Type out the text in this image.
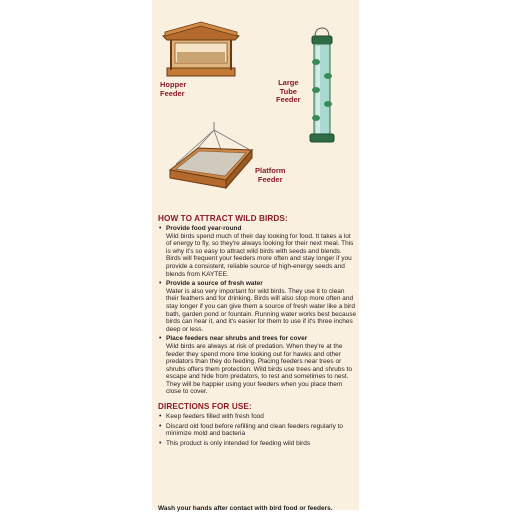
Hopper
Feeder
Large
Tube
Feeder
Platform
Feeder
HOW TO ATTRACT WILD BIRDS:
• Provide food year-round
Wild birds spend much of their day looking for food. It takes a lot of energy to fly, so they're always looking for their next meal. This is why it's so easy to attract wild birds with seeds and blends. Birds will frequent your feeders more often and stay longer if you provide a consistent, reliable source of high-energy seeds and blends from KAYTEE.
• Provide a source of fresh water
Water is also very important for wild birds. They use it to clean their feathers and for drinking. Birds will also stop more often and stay longer if you can give them a source of fresh water like a bird bath, garden pond or fountain. Running water works best because birds can hear it, and it's easier for them to use if it's three inches deep or less.
• Place feeders near shrubs and trees for cover
Wild birds are always at risk of predation. When they're at the feeder they spend more time looking out for hawks and other predators than they do feeding. Placing feeders near trees or shrubs offers them protection. Wild birds use trees and shrubs to escape and hide from predators, to rest and sometimes to nest. They will be happier using your feeders when you place them close to cover.
DIRECTIONS FOR USE:
• Keep feeders filled with fresh food
• Discard old food before refilling and clean feeders regularly to minimize mold and bacteria
• This product is only intended for feeding wild birds
Wash your hands after contact with bird food or feeders.
